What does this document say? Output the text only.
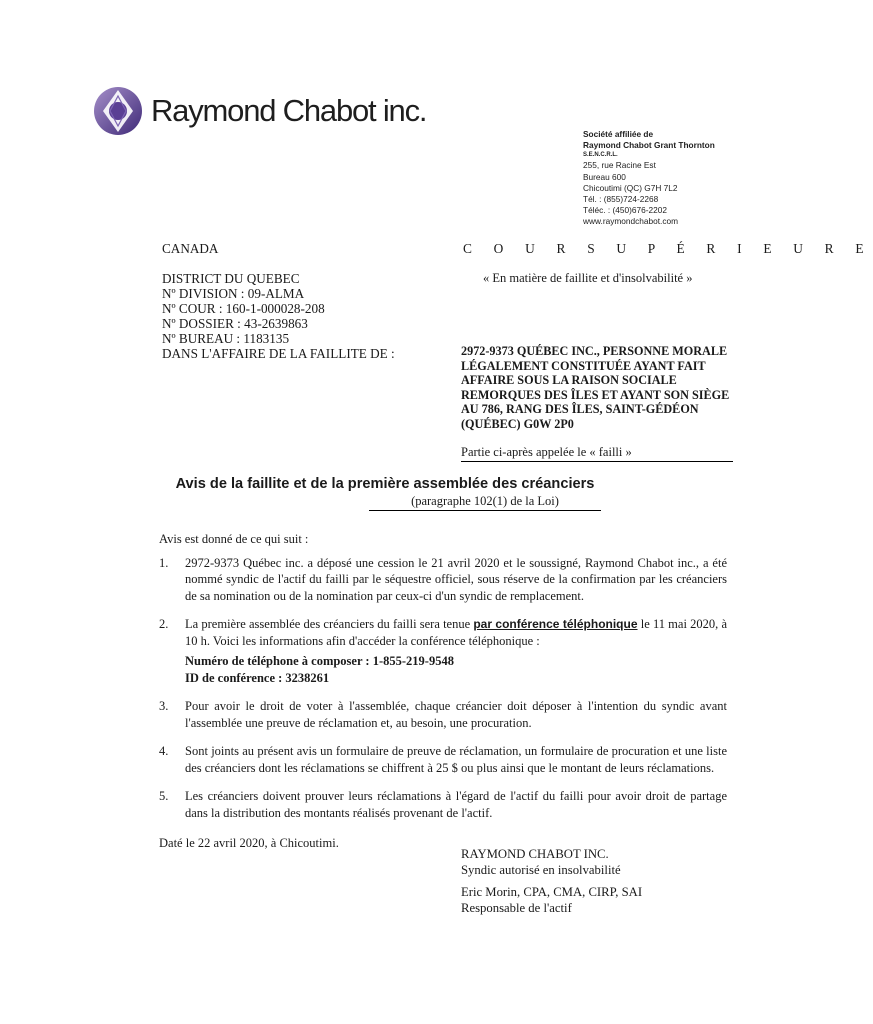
Raymond Chabot inc.
Société affiliée de
Raymond Chabot Grant Thornton
S.E.N.C.R.L.
255, rue Racine Est
Bureau 600
Chicoutimi (QC) G7H 7L2
Tél. : (855)724-2268
Téléc. : (450)676-2202
www.raymondchabot.com
CANADA
DISTRICT DU QUEBEC
Nº DIVISION : 09-ALMA
Nº COUR : 160-1-000028-208
Nº DOSSIER : 43-2639863
Nº BUREAU : 1183135
C O U R S U P É R I E U R E
« En matière de faillite et d'insolvabilité »
DANS L'AFFAIRE DE LA FAILLITE DE :	2972-9373 QUÉBEC INC., PERSONNE MORALE LÉGALEMENT CONSTITUÉE AYANT FAIT AFFAIRE SOUS LA RAISON SOCIALE REMORQUES DES ÎLES ET AYANT SON SIÈGE AU 786, RANG DES ÎLES, SAINT-GÉDÉON (QUÉBEC) G0W 2P0
Partie ci-après appelée le « failli »
Avis de la faillite et de la première assemblée des créanciers
(paragraphe 102(1) de la Loi)

Avis est donné de ce qui suit :

1.	2972-9373 Québec inc. a déposé une cession le 21 avril 2020 et le soussigné, Raymond Chabot inc., a été nommé syndic de l'actif du failli par le séquestre officiel, sous réserve de la confirmation par les créanciers de sa nomination ou de la nomination par ceux-ci d'un syndic de remplacement.
2.	La première assemblée des créanciers du failli sera tenue par conférence téléphonique le 11 mai 2020, à 10 h. Voici les informations afin d'accéder la conférence téléphonique :
Numéro de téléphone à composer : 1-855-219-9548
ID de conférence : 3238261
3.	Pour avoir le droit de voter à l'assemblée, chaque créancier doit déposer à l'intention du syndic avant l'assemblée une preuve de réclamation et, au besoin, une procuration.
4.	Sont joints au présent avis un formulaire de preuve de réclamation, un formulaire de procuration et une liste des créanciers dont les réclamations se chiffrent à 25 $ ou plus ainsi que le montant de leurs réclamations.
5.	Les créanciers doivent prouver leurs réclamations à l'égard de l'actif du failli pour avoir droit de partage dans la distribution des montants réalisés provenant de l'actif.
Daté le 22 avril 2020, à Chicoutimi.
RAYMOND CHABOT INC.
Syndic autorisé en insolvabilité
Eric Morin, CPA, CMA, CIRP, SAI
Responsable de l'actif
